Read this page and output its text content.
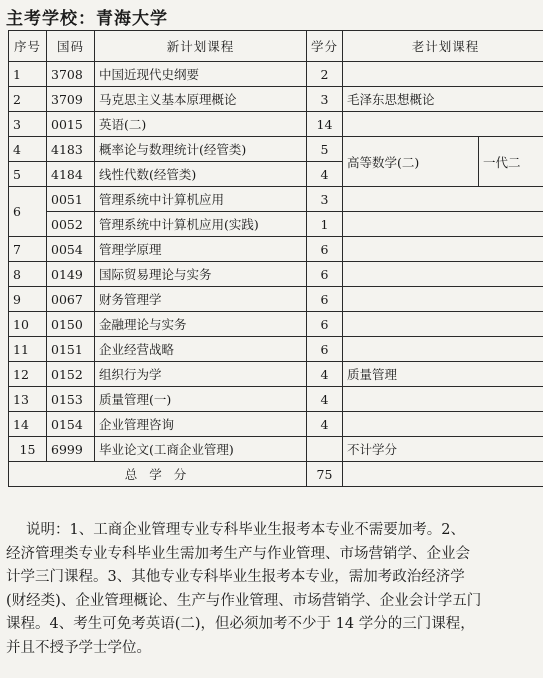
主考学校：青海大学
序号	国码	新计划课程	学分	老计划课程	
1	3708	中国近现代史纲要	2		
2	3709	马克思主义基本原理概论	3	毛泽东思想概论	
3	0015	英语(二)	14		
4	4183	概率论与数理统计(经管类)	5	高等数学(二)	一代二
5	4184	线性代数(经管类)	4		
6	0051	管理系统中计算机应用	3		
	0052	管理系统中计算机应用(实践)	1		
7	0054	管理学原理	6		
8	0149	国际贸易理论与实务	6		
9	0067	财务管理学	6		
10	0150	金融理论与实务	6		
11	0151	企业经营战略	6		
12	0152	组织行为学	4	质量管理	
13	0153	质量管理(一)	4		
14	0154	企业管理咨询	4		
15	6999	毕业论文(工商企业管理)		不计学分	
总 学 分			75		
说明：1、工商企业管理专业专科毕业生报考本专业不需要加考。2、
经济管理类专业专科毕业生需加考生产与作业管理、市场营销学、企业会
计学三门课程。3、其他专业专科毕业生报考本专业，需加考政治经济学
(财经类)、企业管理概论、生产与作业管理、市场营销学、企业会计学五门
课程。4、考生可免考英语(二)，但必须加考不少于 14 学分的三门课程，
并且不授予学士学位。
